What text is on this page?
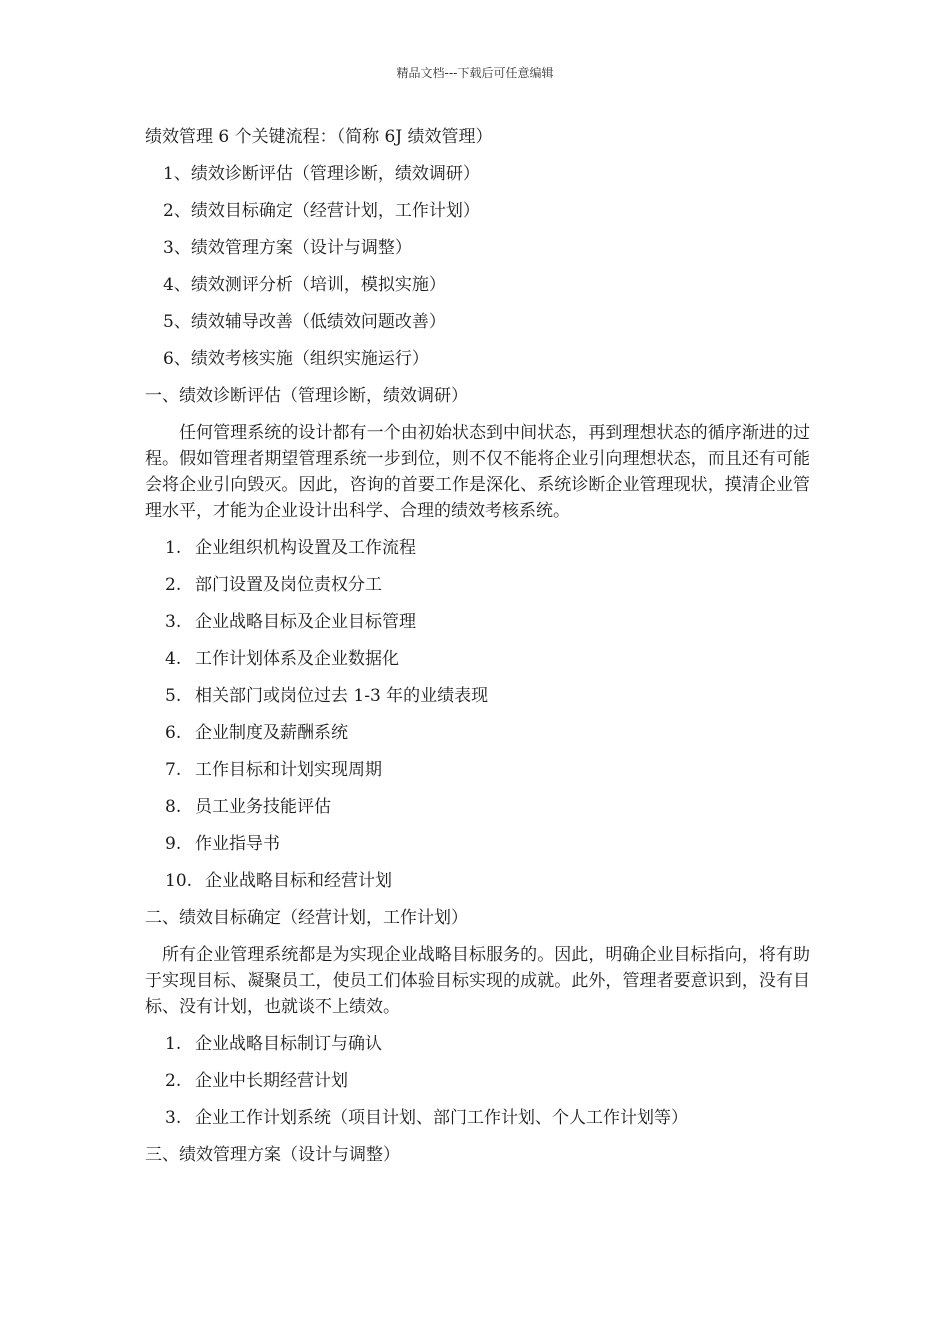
精品文档---下载后可任意编辑
绩效管理 6 个关键流程：（简称 6J 绩效管理）
1、绩效诊断评估（管理诊断，绩效调研）
2、绩效目标确定（经营计划，工作计划）
3、绩效管理方案（设计与调整）
4、绩效测评分析（培训，模拟实施）
5、绩效辅导改善（低绩效问题改善）
6、绩效考核实施（组织实施运行）
一、绩效诊断评估（管理诊断，绩效调研）

任何管理系统的设计都有一个由初始状态到中间状态，再到理想状态的循序渐进的过程。假如管理者期望管理系统一步到位，则不仅不能将企业引向理想状态，而且还有可能会将企业引向毁灭。因此，咨询的首要工作是深化、系统诊断企业管理现状，摸清企业管理水平，才能为企业设计出科学、合理的绩效考核系统。

1. 企业组织机构设置及工作流程
2. 部门设置及岗位责权分工
3. 企业战略目标及企业目标管理
4. 工作计划体系及企业数据化
5. 相关部门或岗位过去 1-3 年的业绩表现
6. 企业制度及薪酬系统
7. 工作目标和计划实现周期
8. 员工业务技能评估
9. 作业指导书
10. 企业战略目标和经营计划
二、绩效目标确定（经营计划，工作计划）

所有企业管理系统都是为实现企业战略目标服务的。因此，明确企业目标指向，将有助于实现目标、凝聚员工，使员工们体验目标实现的成就。此外，管理者要意识到，没有目标、没有计划，也就谈不上绩效。

1. 企业战略目标制订与确认
2. 企业中长期经营计划
3. 企业工作计划系统（项目计划、部门工作计划、个人工作计划等）
三、绩效管理方案（设计与调整）
